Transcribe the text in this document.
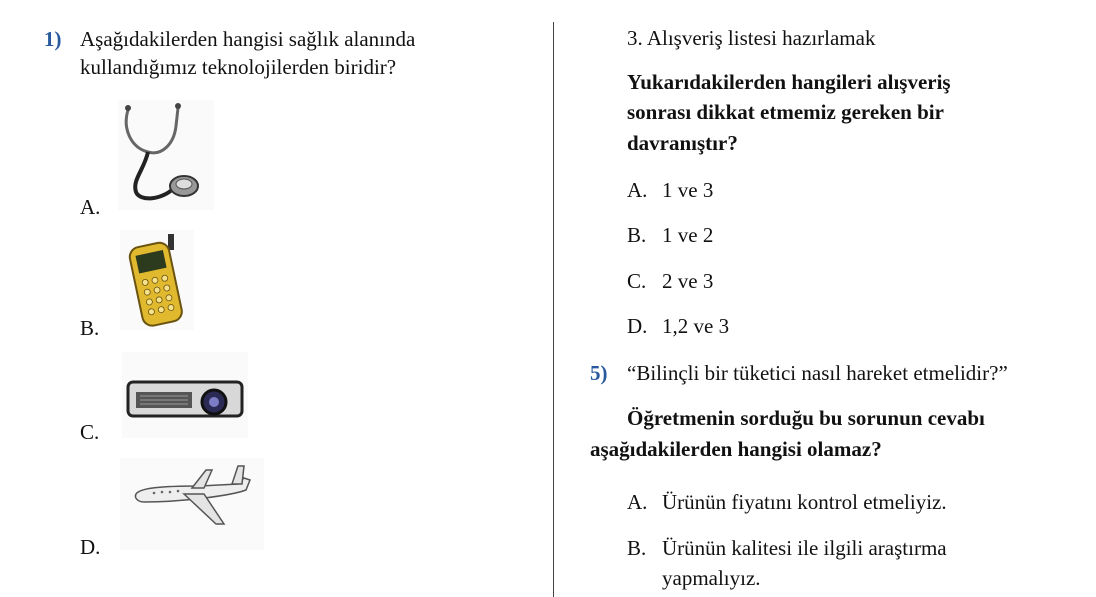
1) Aşağıdakilerden hangisi sağlık alanında
kullandığımız teknolojilerden biridir?
A.
B.
C.
D.
3. Alışveriş listesi hazırlamak
Yukarıdakilerden hangileri alışveriş
sonrası dikkat etmemiz gereken bir
davranıştır?
A. 1 ve 3
B. 1 ve 2
C. 2 ve 3
D. 1,2 ve 3
5) “Bilinçli bir tüketici nasıl hareket etmelidir?”
Öğretmenin sorduğu bu sorunun cevabı
aşağıdakilerden hangisi olamaz?
A. Ürünün fiyatını kontrol etmeliyiz.
B. Ürünün kalitesi ile ilgili araştırma
yapmalıyız.
